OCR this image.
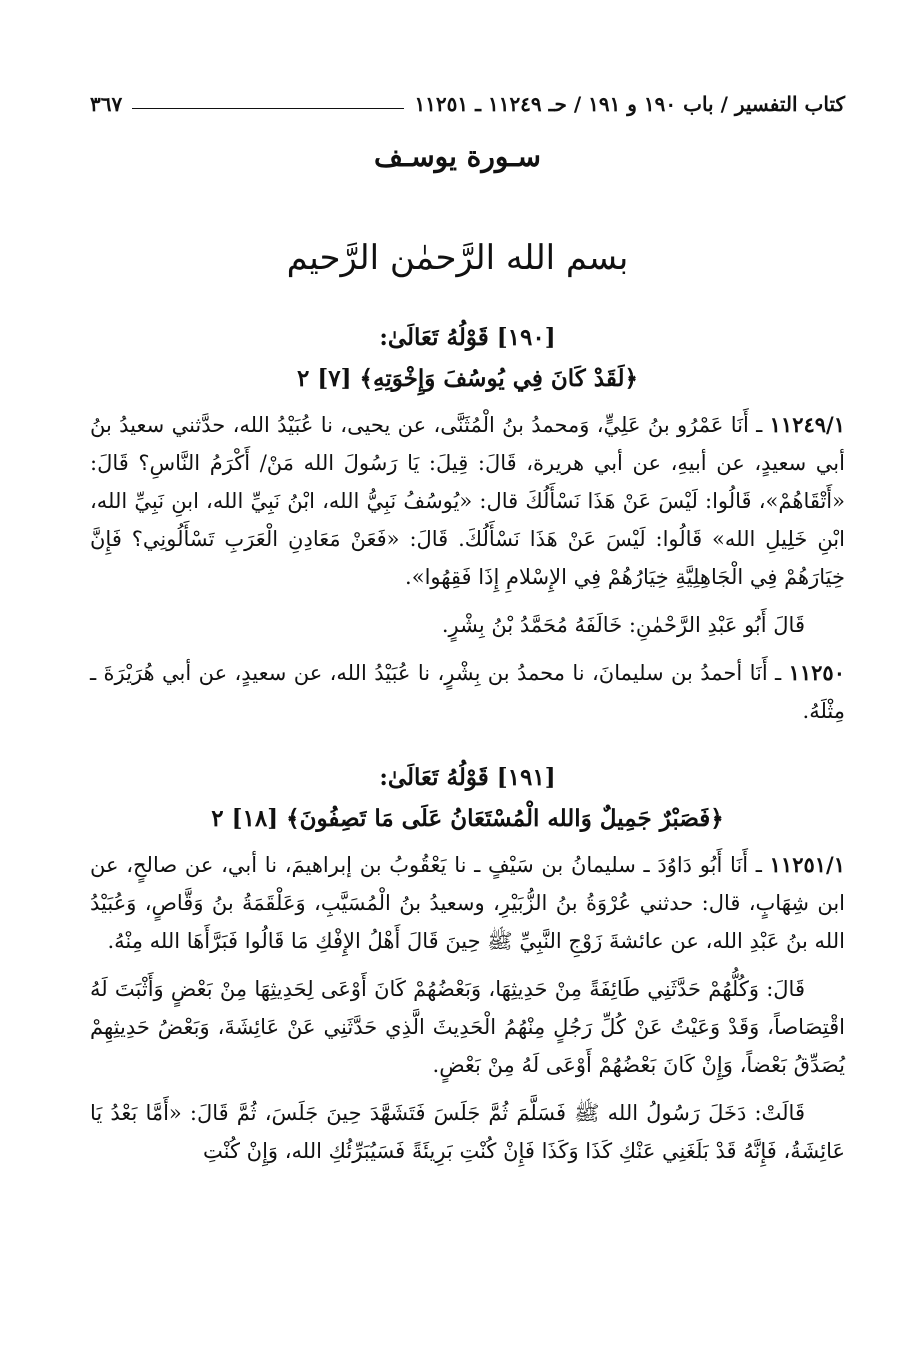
كتاب التفسير / باب ١٩٠ و ١٩١ / حـ ١١٢٤٩ ـ ١١٢٥١
٣٦٧
سـورة يوسـف
بسم الله الرَّحمٰن الرَّحيم

[١٩٠] قَوْلُهُ تَعَالَىٰ:

﴿لَقَدْ كَانَ فِي يُوسُفَ وَإِخْوَتِهِ﴾ [٧] ٢

١١٢٤٩/١ ـ أَنَا عَمْرُو بنُ عَلِيٍّ، وَمحمدُ بنُ الْمُثَنَّى، عن يحيى، نا عُبَيْدُ الله، حدَّثني سعيدُ بنُ أبي سعيدٍ، عن أبيهِ، عن أبي هريرة، قَالَ: قِيلَ: يَا رَسُولَ الله مَنْ/ أَكْرَمُ النَّاسِ؟ قَالَ: «أَتْقَاهُمْ»، قَالُوا: لَيْسَ عَنْ هَذَا نَسْأَلُكَ قال: «يُوسُفُ نَبِيُّ الله، ابْنُ نَبِيِّ الله، ابنِ نَبِيِّ الله، ابْنِ خَلِيلِ الله» قَالُوا: لَيْسَ عَنْ هَذَا نَسْأَلُكَ. قَالَ: «فَعَنْ مَعَادِنِ الْعَرَبِ تَسْأَلُونِي؟ فَإِنَّ خِيَارَهُمْ فِي الْجَاهِلِيَّةِ خِيَارُهُمْ فِي الإِسْلامِ إِذَا فَقِهُوا».

قَالَ أَبُو عَبْدِ الرَّحْمٰنِ: خَالَفَهُ مُحَمَّدُ بْنُ بِشْرٍ.

١١٢٥٠ ـ أَنَا أحمدُ بن سليمانَ، نا محمدُ بن بِشْرٍ، نا عُبَيْدُ الله، عن سعيدٍ، عن أبي هُرَيْرَةَ ـ مِثْلَهُ.

[١٩١] قَوْلُهُ تَعَالَىٰ:

﴿فَصَبْرٌ جَمِيلٌ وَالله الْمُسْتَعَانُ عَلَى مَا تَصِفُونَ﴾ [١٨] ٢

١١٢٥١/١ ـ أَنَا أَبُو دَاوُدَ ـ سليمانُ بن سَيْفٍ ـ نا يَعْقُوبُ بن إبراهيمَ، نا أبي، عن صالحٍ، عن ابن شِهَابٍ، قال: حدثني عُرْوَةُ بنُ الزُّبَيْرِ، وسعيدُ بنُ الْمُسَيَّبِ، وَعَلْقَمَةُ بنُ وَقَّاصٍ، وَعُبَيْدُ الله بنُ عَبْدِ الله، عن عائشةَ زَوْجِ النَّبِيِّ ﷺ حِينَ قَالَ أَهْلُ الإِفْكِ مَا قَالُوا فَبَرَّأَهَا الله مِنْهُ.

قَالَ: وَكُلُّهُمْ حَدَّثَنِي طَائِفَةً مِنْ حَدِيثِهَا، وَبَعْضُهُمْ كَانَ أَوْعَى لِحَدِيثِهَا مِنْ بَعْضٍ وَأَثْبَتَ لَهُ اقْتِصَاصاً، وَقَدْ وَعَيْتُ عَنْ كُلِّ رَجُلٍ مِنْهُمُ الْحَدِيثَ الَّذِي حَدَّثَنِي عَنْ عَائِشَةَ، وَبَعْضُ حَدِيثِهِمْ يُصَدِّقُ بَعْضاً، وَإِنْ كَانَ بَعْضُهُمْ أَوْعَى لَهُ مِنْ بَعْضٍ.

قَالَتْ: دَخَلَ رَسُولُ الله ﷺ فَسَلَّمَ ثُمَّ جَلَسَ فَتَشَهَّدَ حِينَ جَلَسَ، ثُمَّ قَالَ: «أَمَّا بَعْدُ يَا عَائِشَةُ، فَإِنَّهُ قَدْ بَلَغَنِي عَنْكِ كَذَا وَكَذَا فَإِنْ كُنْتِ بَرِيئَةً فَسَيُبَرِّئُكِ الله، وَإِنْ كُنْتِ
